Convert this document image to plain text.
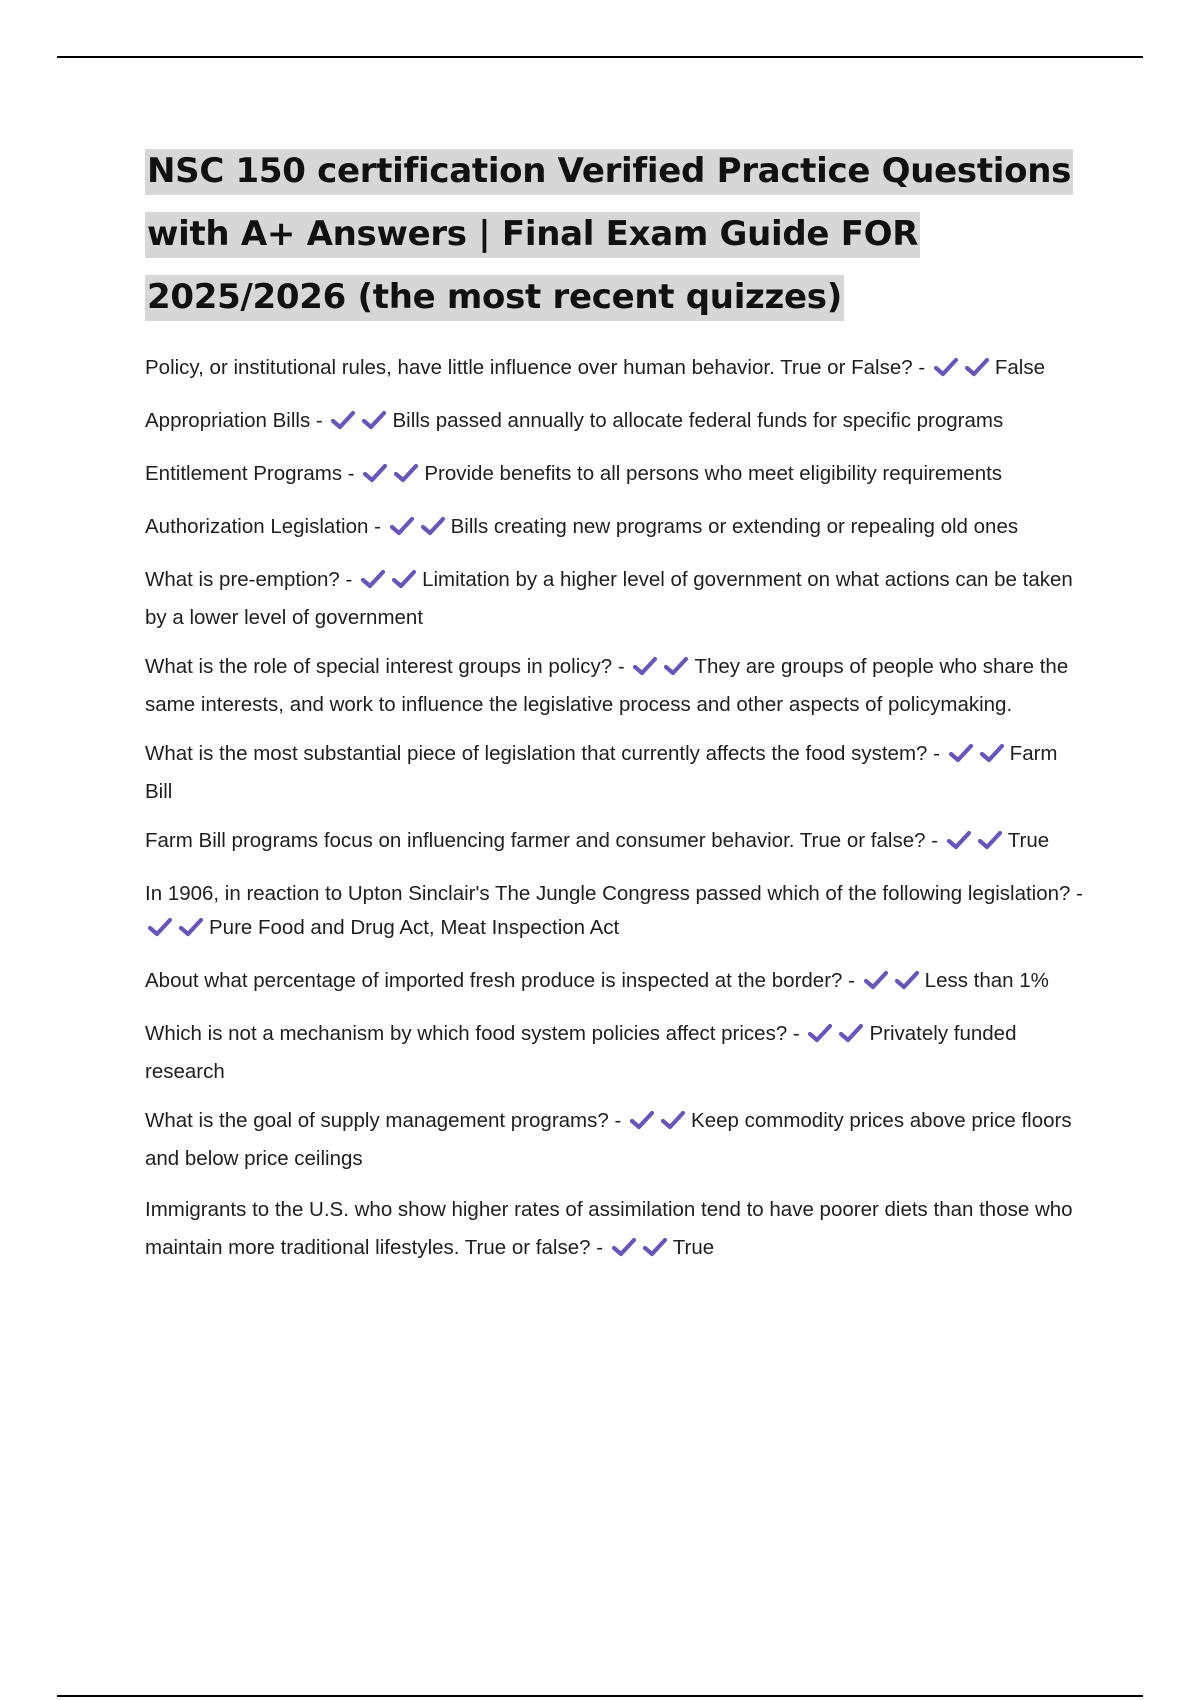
NSC 150 certification Verified Practice Questions with A+ Answers | Final Exam Guide FOR 2025/2026 (the most recent quizzes)

Policy, or institutional rules, have little influence over human behavior. True or False? -	False

Appropriation Bills -	Bills passed annually to allocate federal funds for specific programs

Entitlement Programs -	Provide benefits to all persons who meet eligibility requirements

Authorization Legislation -	Bills creating new programs or extending or repealing old ones

What is pre-emption? -	Limitation by a higher level of government on what actions can be taken by a lower level of government

What is the role of special interest groups in policy? -	They are groups of people who share the same interests, and work to influence the legislative process and other aspects of policymaking.

What is the most substantial piece of legislation that currently affects the food system? -	Farm Bill

Farm Bill programs focus on influencing farmer and consumer behavior. True or false? -	True

In 1906, in reaction to Upton Sinclair's The Jungle Congress passed which of the following legislation? -
Pure Food and Drug Act, Meat Inspection Act

About what percentage of imported fresh produce is inspected at the border? -	Less than 1%

Which is not a mechanism by which food system policies affect prices? -	Privately funded research

What is the goal of supply management programs? -	Keep commodity prices above price floors and below price ceilings

Immigrants to the U.S. who show higher rates of assimilation tend to have poorer diets than those who maintain more traditional lifestyles. True or false? -	True
